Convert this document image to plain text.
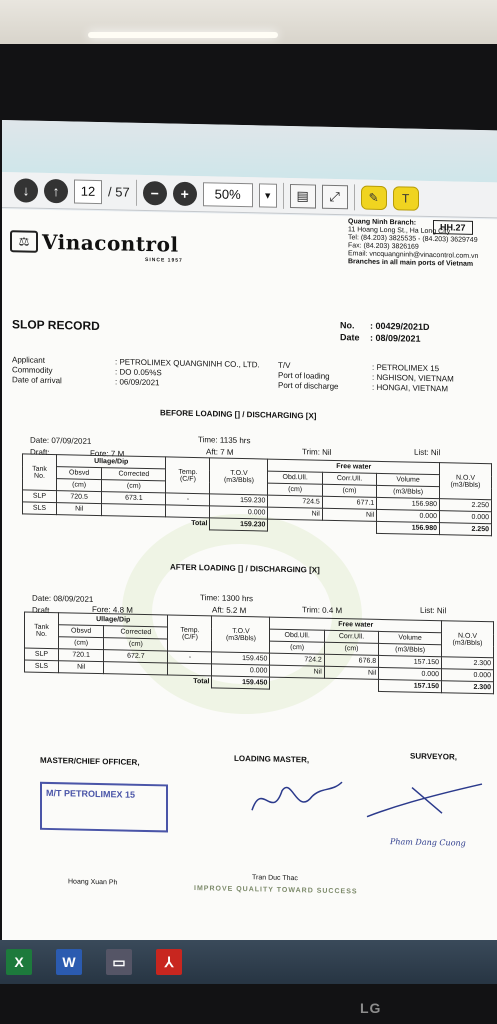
↓	↑	12 / 57	−	+	50%	▼	▤	⤢	✎	T
⚖ Vinacontrol
SINCE 1957
HH.27
Quang Ninh Branch:
11 Hoang Long St., Ha Long City
Tel: (84.203) 3825535 - (84.203) 3629749
Fax: (84.203) 3826169
Email: vncquangninh@vinacontrol.com.vn
Branches in all main ports of Vietnam
SLOP RECORD	No. : 00429/2021D
Date : 08/09/2021
Applicant	: PETROLIMEX QUANGNINH CO., LTD.
Commodity	: DO 0.05%S
Date of arrival	: 06/09/2021
T/V	: PETROLIMEX 15
Port of loading	: NGHISON, VIETNAM
Port of discharge	: HONGAI, VIETNAM
BEFORE LOADING [] / DISCHARGING [X]
Date: 07/09/2021	Time: 1135 hrs
Draft:	Fore: 7 M	Aft: 7 M	Trim: Nil	List: Nil
Tank
No.	Ullage/Dip		Temp.
(C/F)	T.O.V
(m3/Bbls)	Free water			N.O.V
(m3/Bbls)
	Obsvd	Corrected			Obd.Ull.	Corr.Ull.	Volume	
	(cm)	(cm)			(cm)	(cm)	(m3/Bbls)	
SLP	720.5	673.1	-	159.230	724.5	677.1	156.980	2.250
SLS	Nil			0.000	Nil	Nil	0.000	0.000
Total				159.230			156.980	2.250
AFTER LOADING [] / DISCHARGING [X]
Date: 08/09/2021	Time: 1300 hrs
Draft	Fore: 4.8 M	Aft: 5.2 M	Trim: 0.4 M	List: Nil
Tank
No.	Ullage/Dip		Temp.
(C/F)	T.O.V
(m3/Bbls)	Free water			N.O.V
(m3/Bbls)
	Obsvd	Corrected			Obd.Ull.	Corr.Ull.	Volume	
	(cm)	(cm)			(cm)	(cm)	(m3/Bbls)	
SLP	720.1	672.7	-	159.450	724.2	676.8	157.150	2.300
SLS	Nil			0.000	Nil	Nil	0.000	0.000
Total				159.450			157.150	2.300
MASTER/CHIEF OFFICER,	LOADING MASTER,	SURVEYOR,
M/T PETROLIMEX 15
Hoang Xuan Ph
Tran Duc Thac
Pham Dang Cuong
IMPROVE QUALITY TOWARD SUCCESS
X	W	▭	⅄
LG
